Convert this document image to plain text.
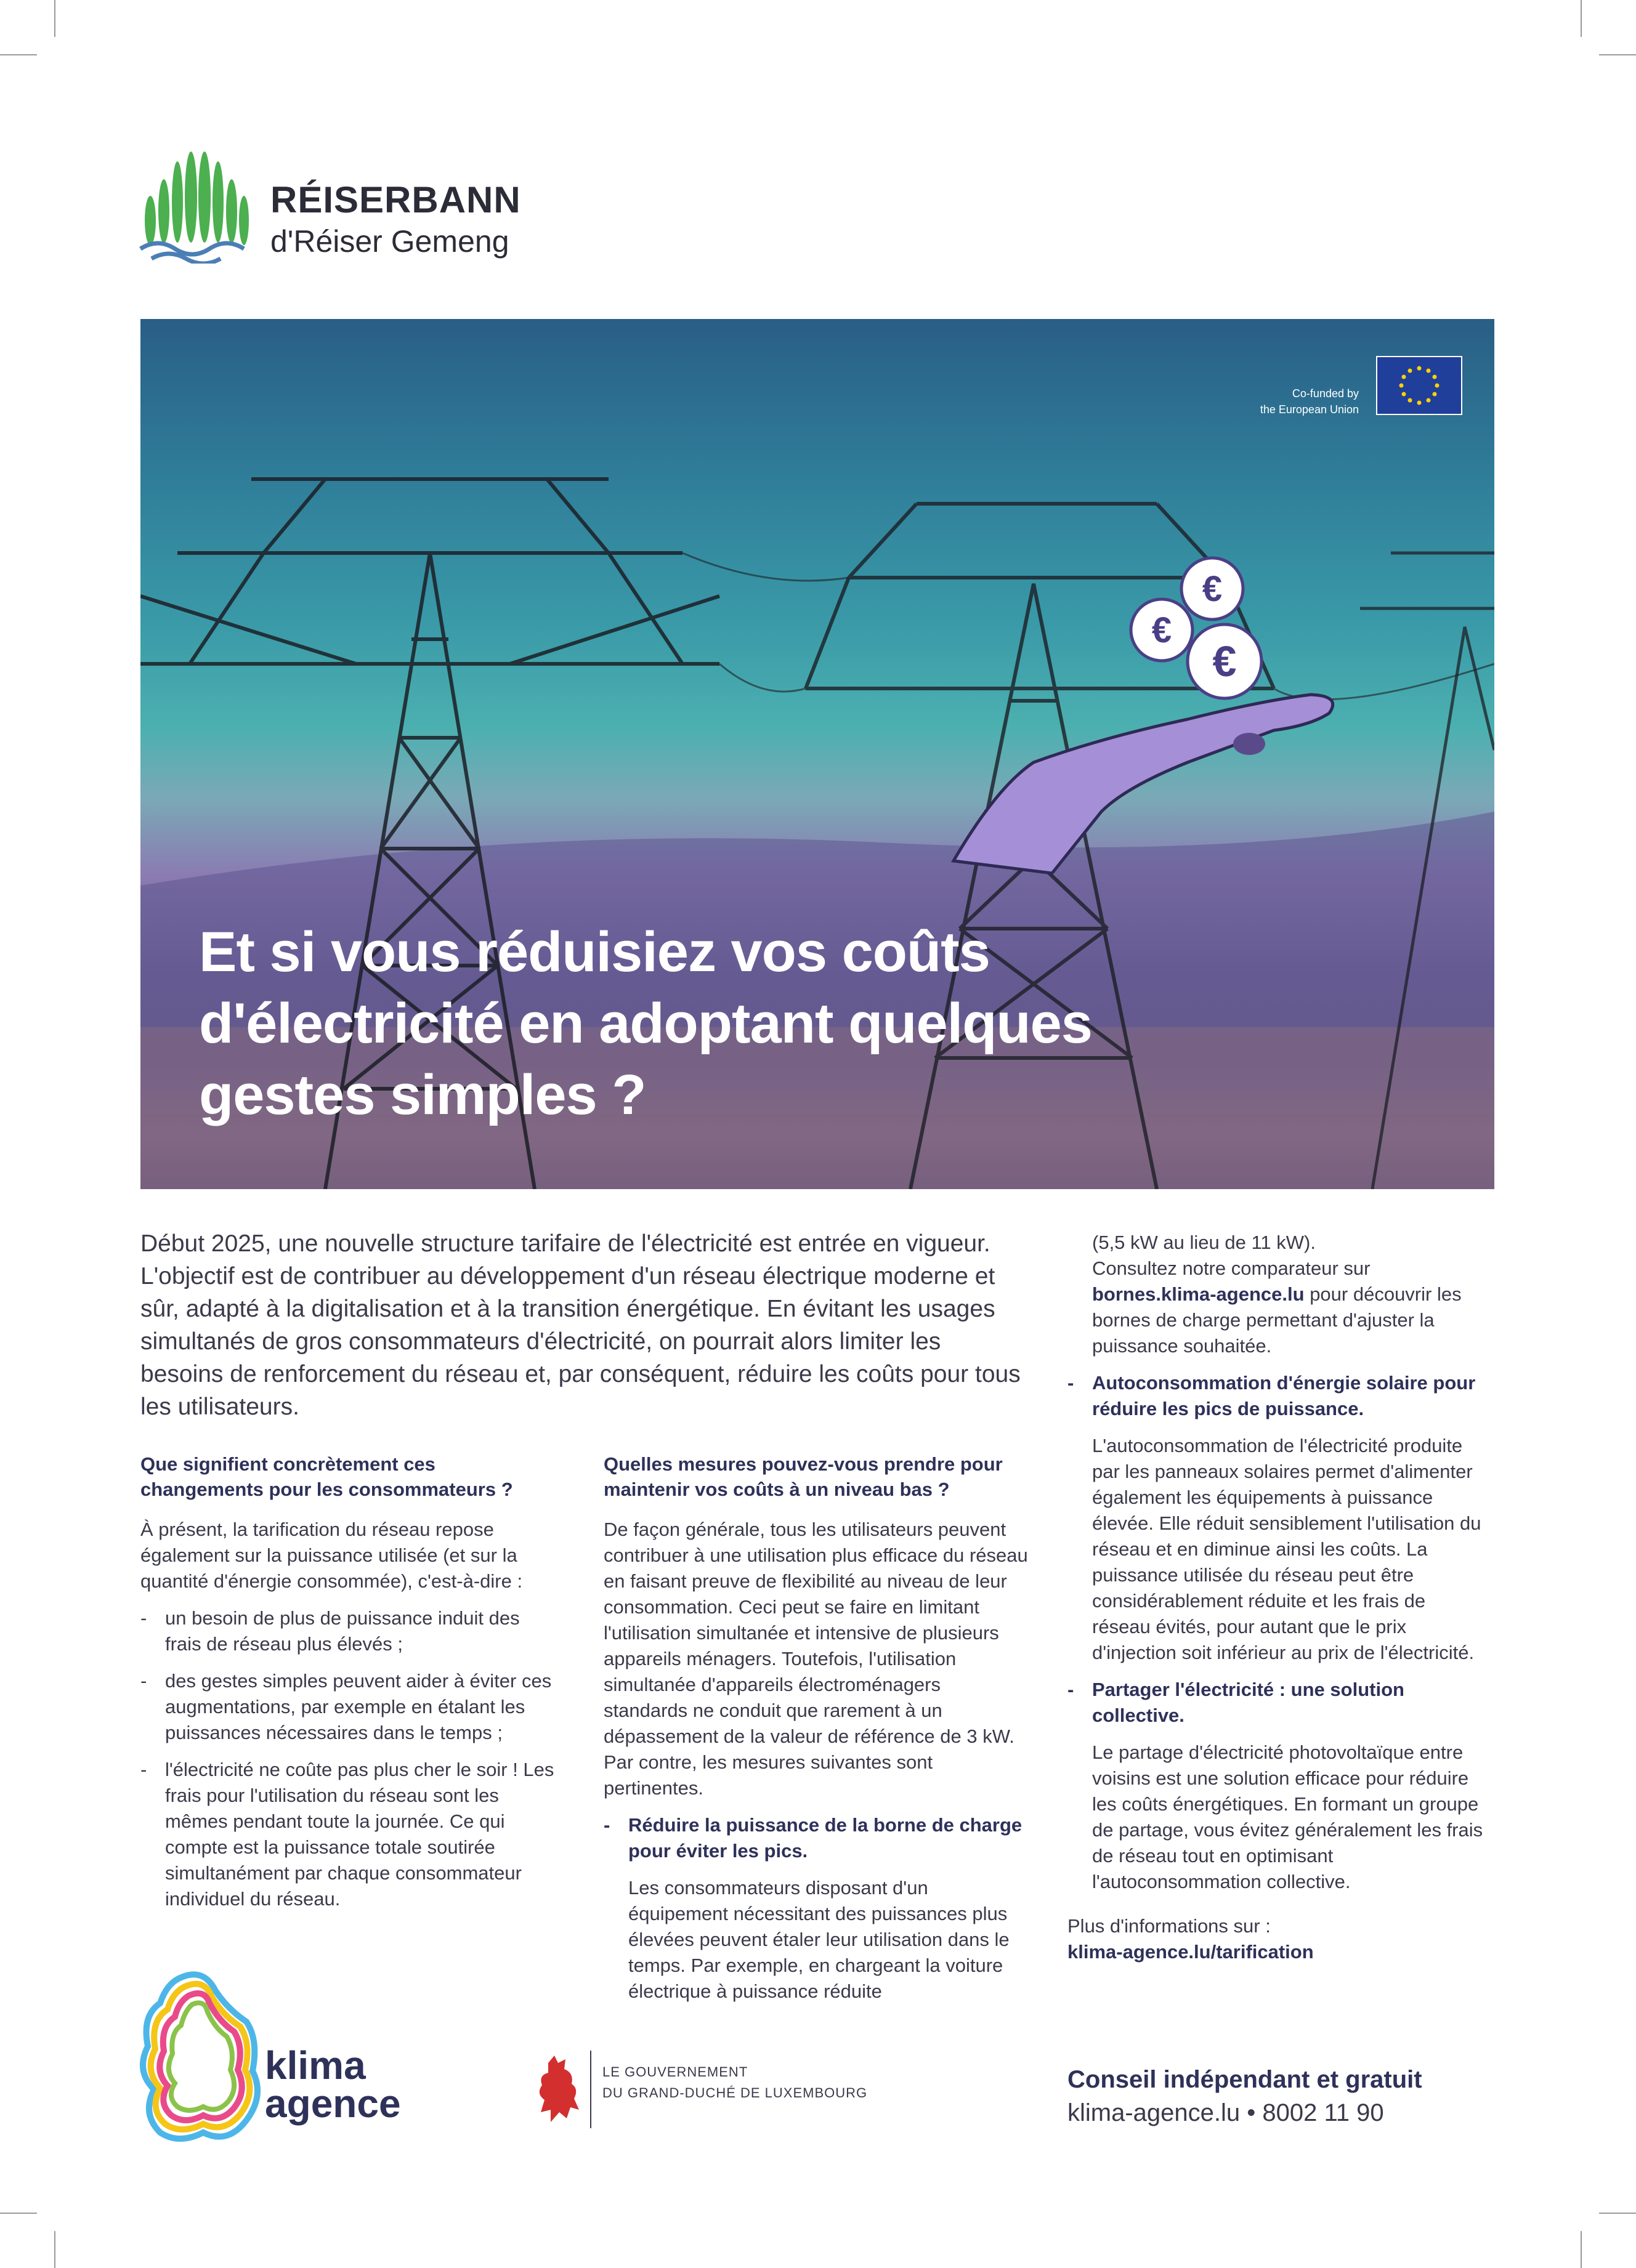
RÉISERBANN
d'Réiser Gemeng
€
€
€
Co-funded by
the European Union
Et si vous réduisiez vos coûts
d'électricité en adoptant quelques
gestes simples ?

Début 2025, une nouvelle structure tarifaire de l'électricité est entrée en vigueur. L'objectif est de contribuer au développement d'un réseau électrique moderne et sûr, adapté à la digitalisation et à la transition énergétique. En évitant les usages simultanés de gros consommateurs d'électricité, on pourrait alors limiter les besoins de renforcement du réseau et, par conséquent, réduire les coûts pour tous les utilisateurs.

Que signifient concrètement ces changements pour les consommateurs ?

À présent, la tarification du réseau repose également sur la puissance utilisée (et sur la quantité d'énergie consommée), c'est-à-dire :

- un besoin de plus de puissance induit des frais de réseau plus élevés ;
- des gestes simples peuvent aider à éviter ces augmentations, par exemple en étalant les puissances nécessaires dans le temps ;
- l'électricité ne coûte pas plus cher le soir ! Les frais pour l'utilisation du réseau sont les mêmes pendant toute la journée. Ce qui compte est la puissance totale soutirée simultanément par chaque consommateur individuel du réseau.
Quelles mesures pouvez-vous prendre pour maintenir vos coûts à un niveau bas ?

De façon générale, tous les utilisateurs peuvent contribuer à une utilisation plus efficace du réseau en faisant preuve de flexibilité au niveau de leur consommation. Ceci peut se faire en limitant l'utilisation simultanée et intensive de plusieurs appareils ménagers. Toutefois, l'utilisation simultanée d'appareils électroménagers standards ne conduit que rarement à un dépassement de la valeur de référence de 3 kW. Par contre, les mesures suivantes sont pertinentes.

- Réduire la puissance de la borne de charge pour éviter les pics.

Les consommateurs disposant d'un équipement nécessitant des puissances plus élevées peuvent étaler leur utilisation dans le temps. Par exemple, en chargeant la voiture électrique à puissance réduite

(5,5 kW au lieu de 11 kW).

Consultez notre comparateur sur bornes.klima-agence.lu pour découvrir les bornes de charge permettant d'ajuster la puissance souhaitée.

- Autoconsommation d'énergie solaire pour réduire les pics de puissance.

L'autoconsommation de l'électricité produite par les panneaux solaires permet d'alimenter également les équipements à puissance élevée. Elle réduit sensiblement l'utilisation du réseau et en diminue ainsi les coûts. La puissance utilisée du réseau peut être considérablement réduite et les frais de réseau évités, pour autant que le prix d'injection soit inférieur au prix de l'électricité.

- Partager l'électricité : une solution collective.

Le partage d'électricité photovoltaïque entre voisins est une solution efficace pour réduire les coûts énergétiques. En formant un groupe de partage, vous évitez généralement les frais de réseau tout en optimisant l'autoconsommation collective.

Plus d'informations sur :

klima-agence.lu/tarification

klima
agence
LE GOUVERNEMENT
DU GRAND-DUCHÉ DE LUXEMBOURG	Conseil indépendant et gratuit
klima-agence.lu • 8002 11 90
